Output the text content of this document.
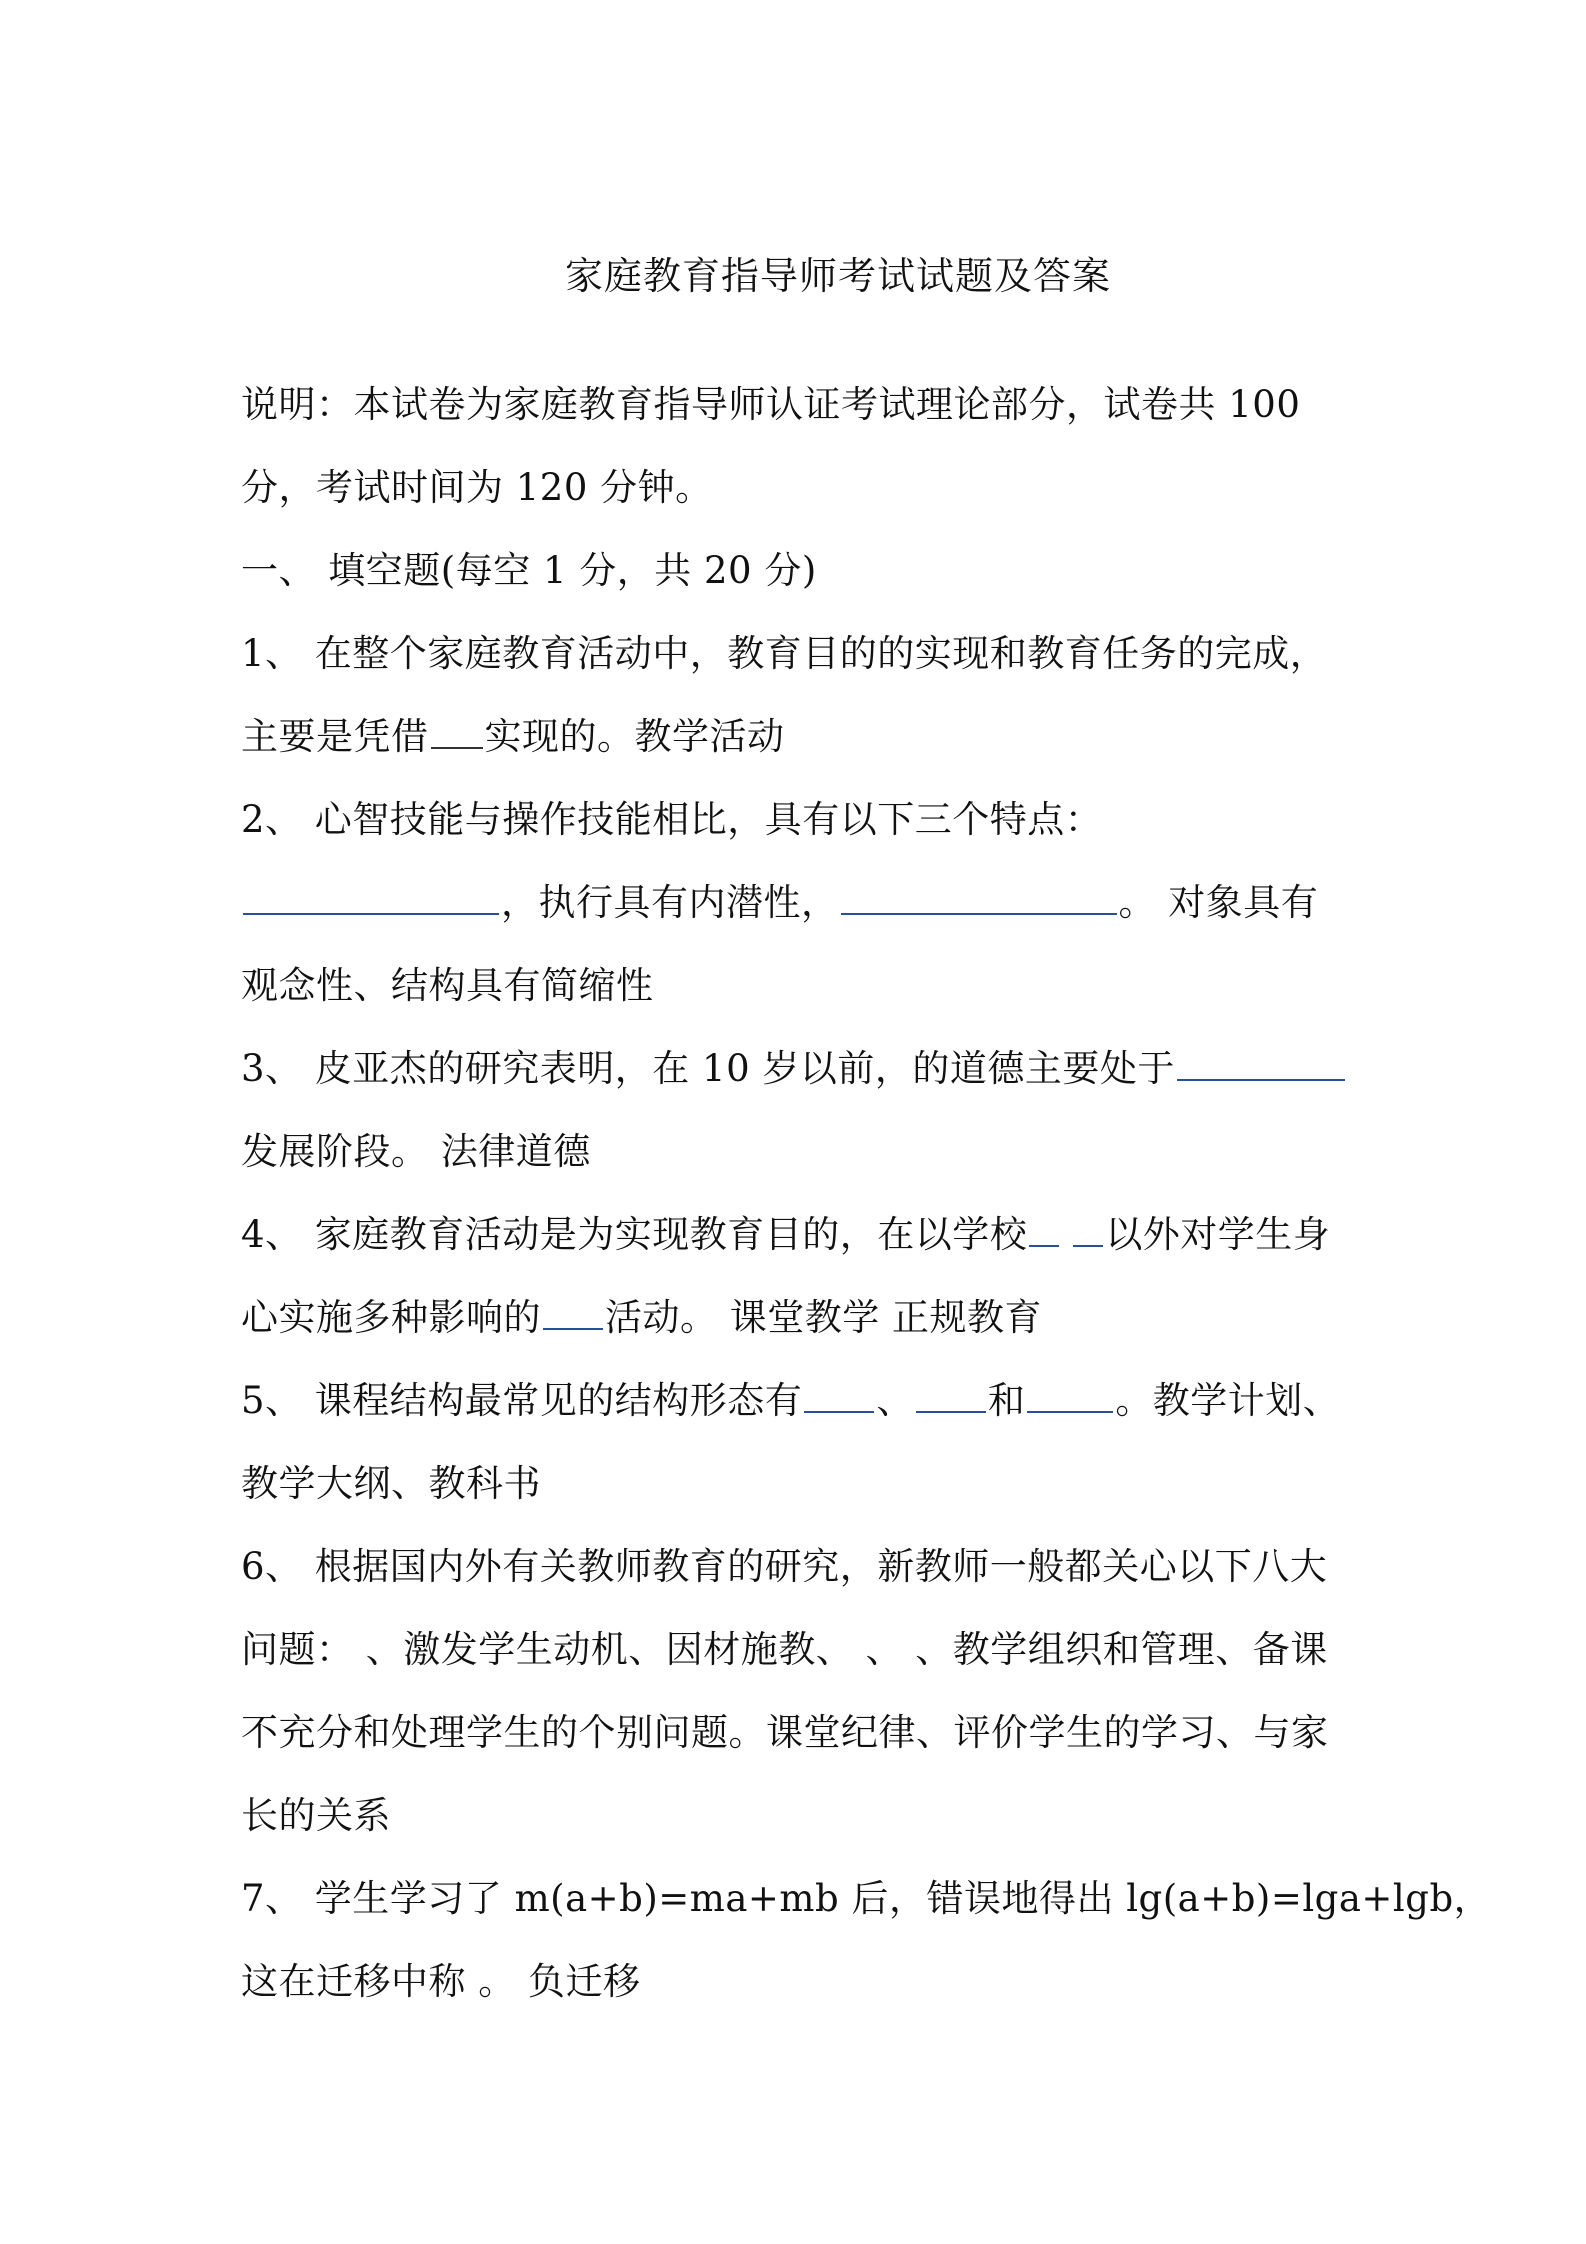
家庭教育指导师考试试题及答案
说明：本试卷为家庭教育指导师认证考试理论部分，试卷共 100
分，考试时间为 120 分钟。
一、 填空题(每空 1 分，共 20 分)
1、 在整个家庭教育活动中，教育目的的实现和教育任务的完成，
主要是凭借 实现的。教学活动
2、 心智技能与操作技能相比，具有以下三个特点：
，执行具有内潜性，	。 对象具有
观念性、结构具有简缩性
3、 皮亚杰的研究表明，在 10 岁以前，的道德主要处于
发展阶段。 法律道德
4、 家庭教育活动是为实现教育目的，在以学校 以外对学生身
心实施多种影响的 活动。 课堂教学 正规教育
5、 课程结构最常见的结构形态有 、 和 。教学计划、
教学大纲、教科书
6、 根据国内外有关教师教育的研究，新教师一般都关心以下八大
问题： 、激发学生动机、因材施教、 、 、教学组织和管理、备课
不充分和处理学生的个别问题。课堂纪律、评价学生的学习、与家
长的关系
7、 学生学习了 m(a+b)=ma+mb 后，错误地得出 lg(a+b)=lga+lgb，
这在迁移中称 。 负迁移
